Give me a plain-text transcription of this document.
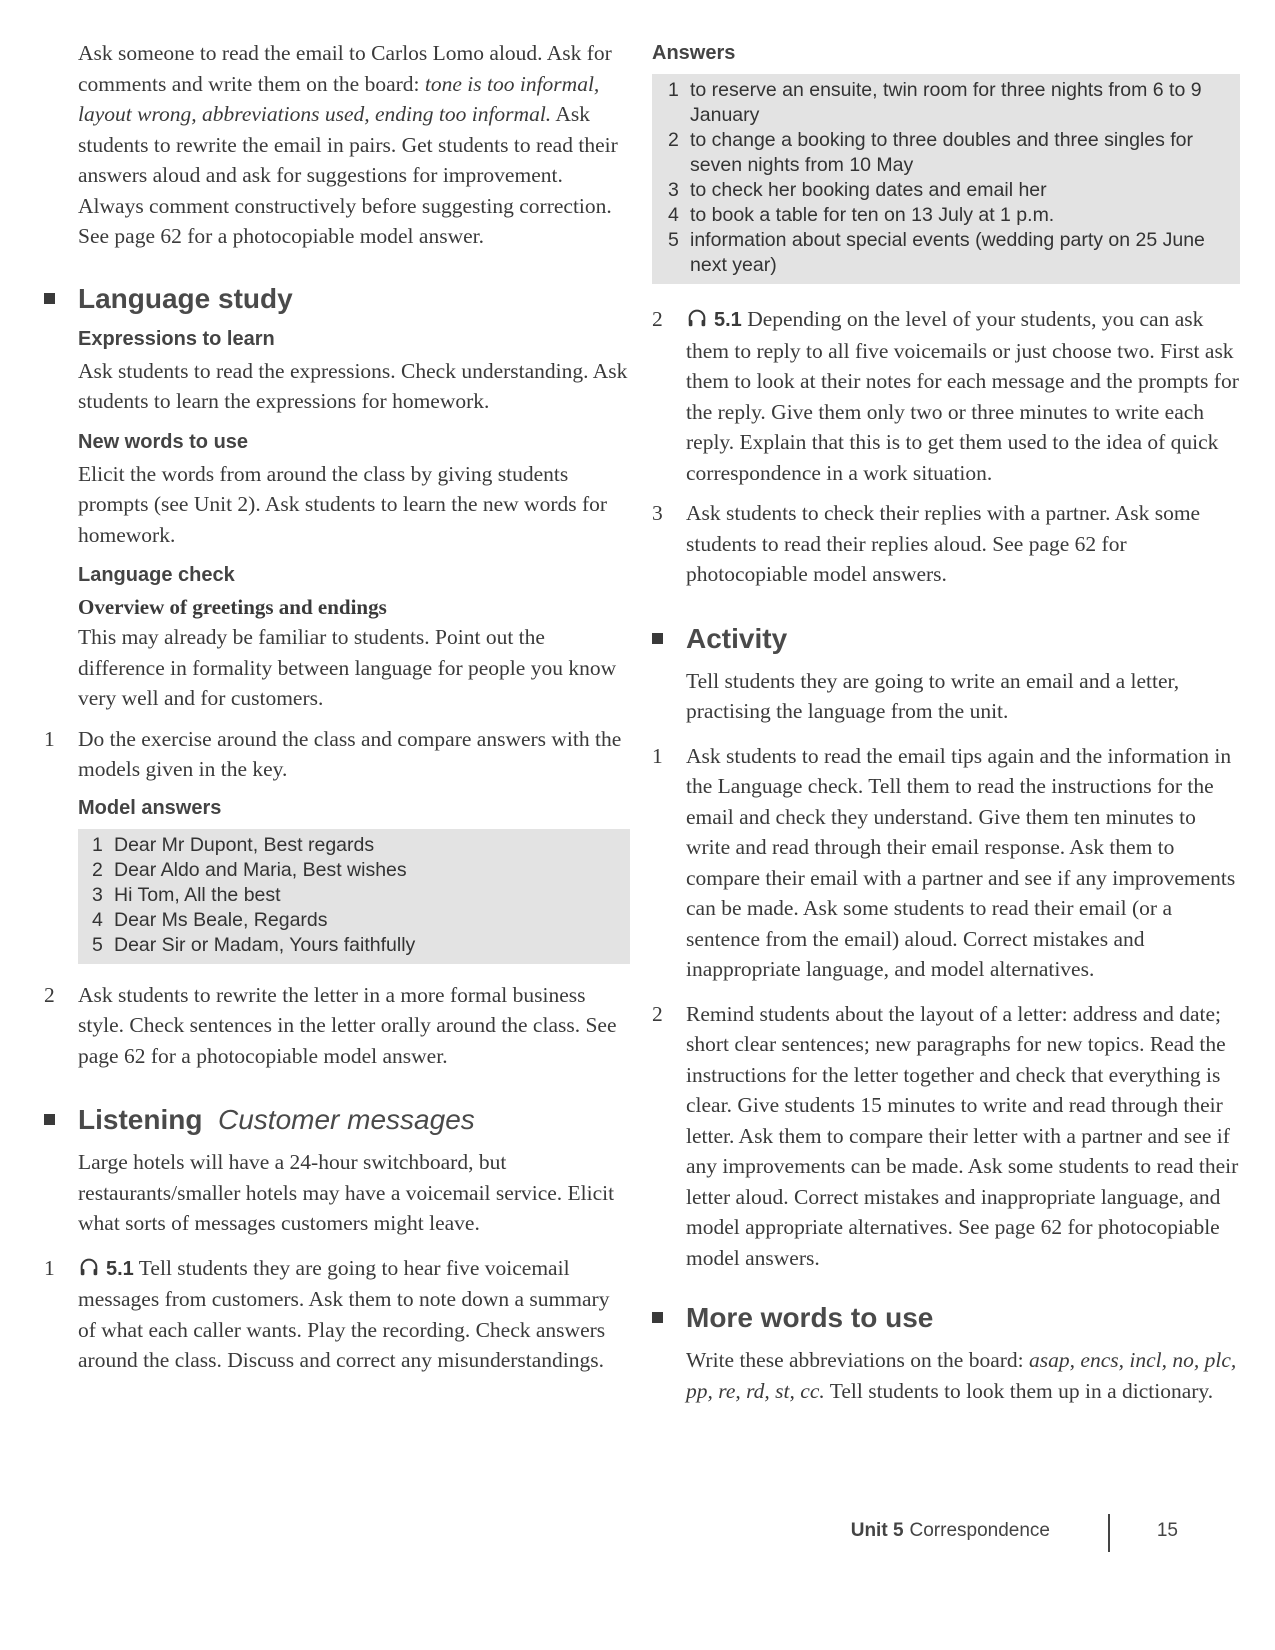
Ask someone to read the email to Carlos Lomo aloud. Ask for comments and write them on the board: tone is too informal, layout wrong, abbreviations used, ending too informal. Ask students to rewrite the email in pairs. Get students to read their answers aloud and ask for suggestions for improvement. Always comment constructively before suggesting correction. See page 62 for a photocopiable model answer.

Language study
Expressions to learn

Ask students to read the expressions. Check understanding. Ask students to learn the expressions for homework.

New words to use

Elicit the words from around the class by giving students prompts (see Unit 2). Ask students to learn the new words for homework.

Language check
Overview of greetings and endings

This may already be familiar to students. Point out the difference in formality between language for people you know very well and for customers.

1 Do the exercise around the class and compare answers with the models given in the key.

Model answers
1 Dear Mr Dupont, Best regards
2 Dear Aldo and Maria, Best wishes
3 Hi Tom, All the best
4 Dear Ms Beale, Regards
5 Dear Sir or Madam, Yours faithfully
2 Ask students to rewrite the letter in a more formal business style. Check sentences in the letter orally around the class. See page 62 for a photocopiable model answer.

Listening Customer messages

Large hotels will have a 24-hour switchboard, but restaurants/smaller hotels may have a voicemail service. Elicit what sorts of messages customers might leave.

1	5.1 Tell students they are going to hear five voicemail messages from customers. Ask them to note down a summary of what each caller wants. Play the recording. Check answers around the class. Discuss and correct any misunderstandings.

Answers
1 to reserve an ensuite, twin room for three nights from 6 to 9 January
2 to change a booking to three doubles and three singles for seven nights from 10 May
3 to check her booking dates and email her
4 to book a table for ten on 13 July at 1 p.m.
5 information about special events (wedding party on 25 June next year)
2	5.1 Depending on the level of your students, you can ask them to reply to all five voicemails or just choose two. First ask them to look at their notes for each message and the prompts for the reply. Give them only two or three minutes to write each reply. Explain that this is to get them used to the idea of quick correspondence in a work situation.

3 Ask students to check their replies with a partner. Ask some students to read their replies aloud. See page 62 for photocopiable model answers.

Activity

Tell students they are going to write an email and a letter, practising the language from the unit.

1 Ask students to read the email tips again and the information in the Language check. Tell them to read the instructions for the email and check they understand. Give them ten minutes to write and read through their email response. Ask them to compare their email with a partner and see if any improvements can be made. Ask some students to read their email (or a sentence from the email) aloud. Correct mistakes and inappropriate language, and model alternatives.

2 Remind students about the layout of a letter: address and date; short clear sentences; new paragraphs for new topics. Read the instructions for the letter together and check that everything is clear. Give students 15 minutes to write and read through their letter. Ask them to compare their letter with a partner and see if any improvements can be made. Ask some students to read their letter aloud. Correct mistakes and inappropriate language, and model appropriate alternatives. See page 62 for photocopiable model answers.

More words to use

Write these abbreviations on the board: asap, encs, incl, no, plc, pp, re, rd, st, cc. Tell students to look them up in a dictionary.

Unit 5 Correspondence	15
